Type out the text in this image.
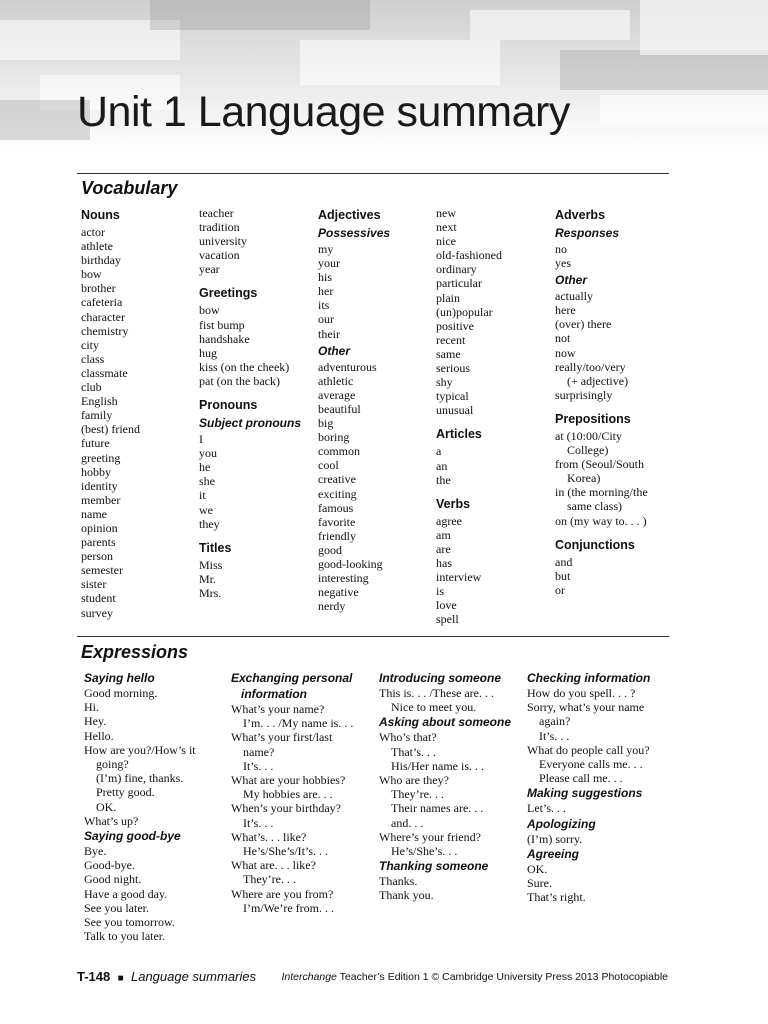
Unit 1 Language summary
Vocabulary
Nouns
actor
athlete
birthday
bow
brother
cafeteria
character
chemistry
city
class
classmate
club
English
family
(best) friend
future
greeting
hobby
identity
member
name
opinion
parents
person
semester
sister
student
survey
teacher
tradition
university
vacation
year
Greetings
bow
fist bump
handshake
hug
kiss (on the cheek)
pat (on the back)
Pronouns
Subject pronouns
I
you
he
she
it
we
they
Titles
Miss
Mr.
Mrs.
Adjectives
Possessives
my
your
his
her
its
our
their
Other
adventurous
athletic
average
beautiful
big
boring
common
cool
creative
exciting
famous
favorite
friendly
good
good-looking
interesting
negative
nerdy
new
next
nice
old-fashioned
ordinary
particular
plain
(un)popular
positive
recent
same
serious
shy
typical
unusual
Articles
a
an
the
Verbs
agree
am
are
has
interview
is
love
spell
Adverbs
Responses
no
yes
Other
actually
here
(over) there
not
now
really/too/very
(+ adjective)
surprisingly
Prepositions
at (10:00/City
College)
from (Seoul/South
Korea)
in (the morning/the
same class)
on (my way to. . . )
Conjunctions
and
but
or
Expressions
Saying hello
Good morning.
Hi.
Hey.
Hello.
How are you?/How’s it
going?
(I’m) fine, thanks.
Pretty good.
OK.
What’s up?
Saying good-bye
Bye.
Good-bye.
Good night.
Have a good day.
See you later.
See you tomorrow.
Talk to you later.
Exchanging personal
information
What’s your name?
I’m. . . /My name is. . .
What’s your first/last
name?
It’s. . .
What are your hobbies?
My hobbies are. . .
When’s your birthday?
It’s. . .
What’s. . . like?
He’s/She’s/It’s. . .
What are. . . like?
They’re. . .
Where are you from?
I’m/We’re from. . .
Introducing someone
This is. . . /These are. . .
Nice to meet you.
Asking about someone
Who’s that?
That’s. . .
His/Her name is. . .
Who are they?
They’re. . .
Their names are. . .
and. . .
Where’s your friend?
He’s/She’s. . .
Thanking someone
Thanks.
Thank you.
Checking information
How do you spell. . . ?
Sorry, what’s your name
again?
It’s. . .
What do people call you?
Everyone calls me. . .
Please call me. . .
Making suggestions
Let’s. . .
Apologizing
(I’m) sorry.
Agreeing
OK.
Sure.
That’s right.
T-148 ■ Language summaries Interchange Teacher’s Edition 1 © Cambridge University Press 2013 Photocopiable
